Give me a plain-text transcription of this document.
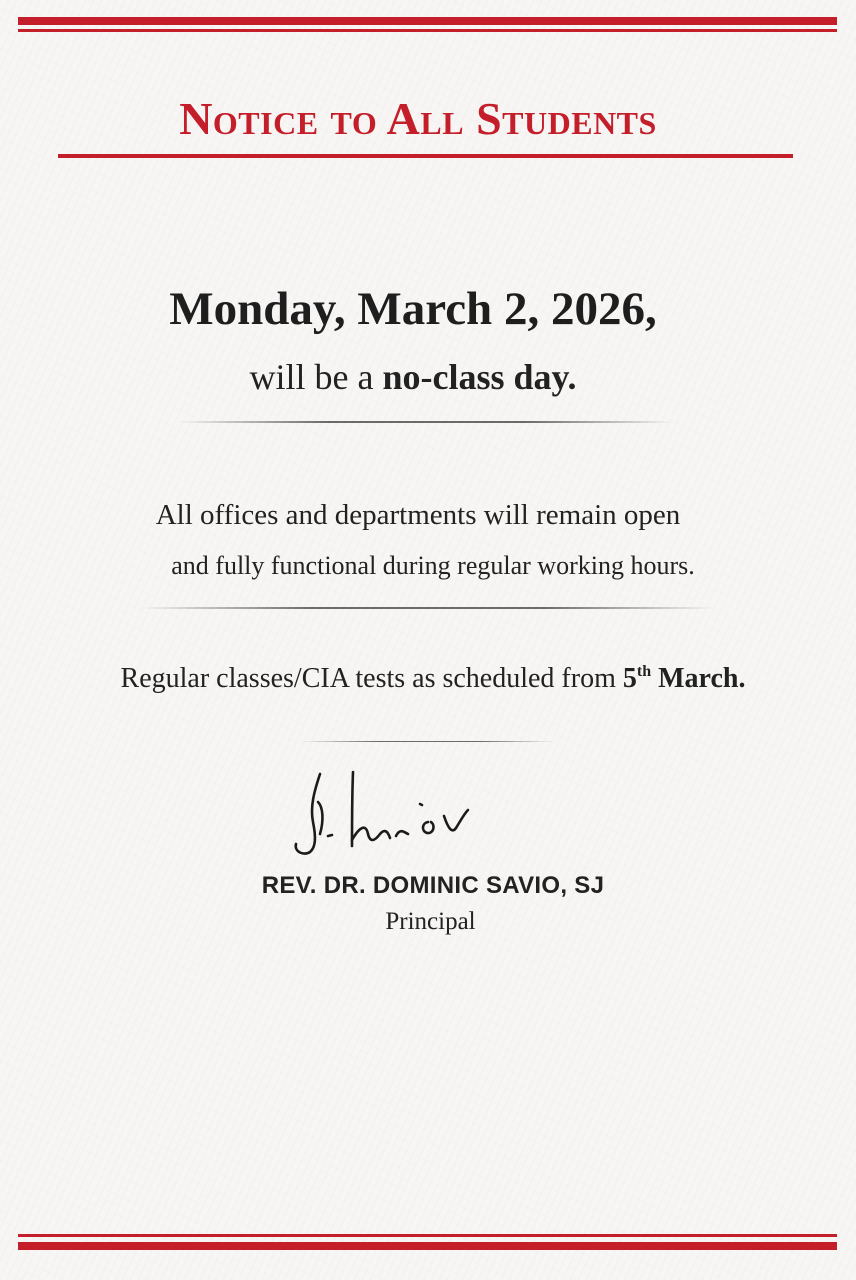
Notice to All Students
Monday, March 2, 2026,
will be a no-class day.
All offices and departments will remain open
and fully functional during regular working hours.
Regular classes/CIA tests as scheduled from 5th March.
REV. DR. DOMINIC SAVIO, SJ
Principal
